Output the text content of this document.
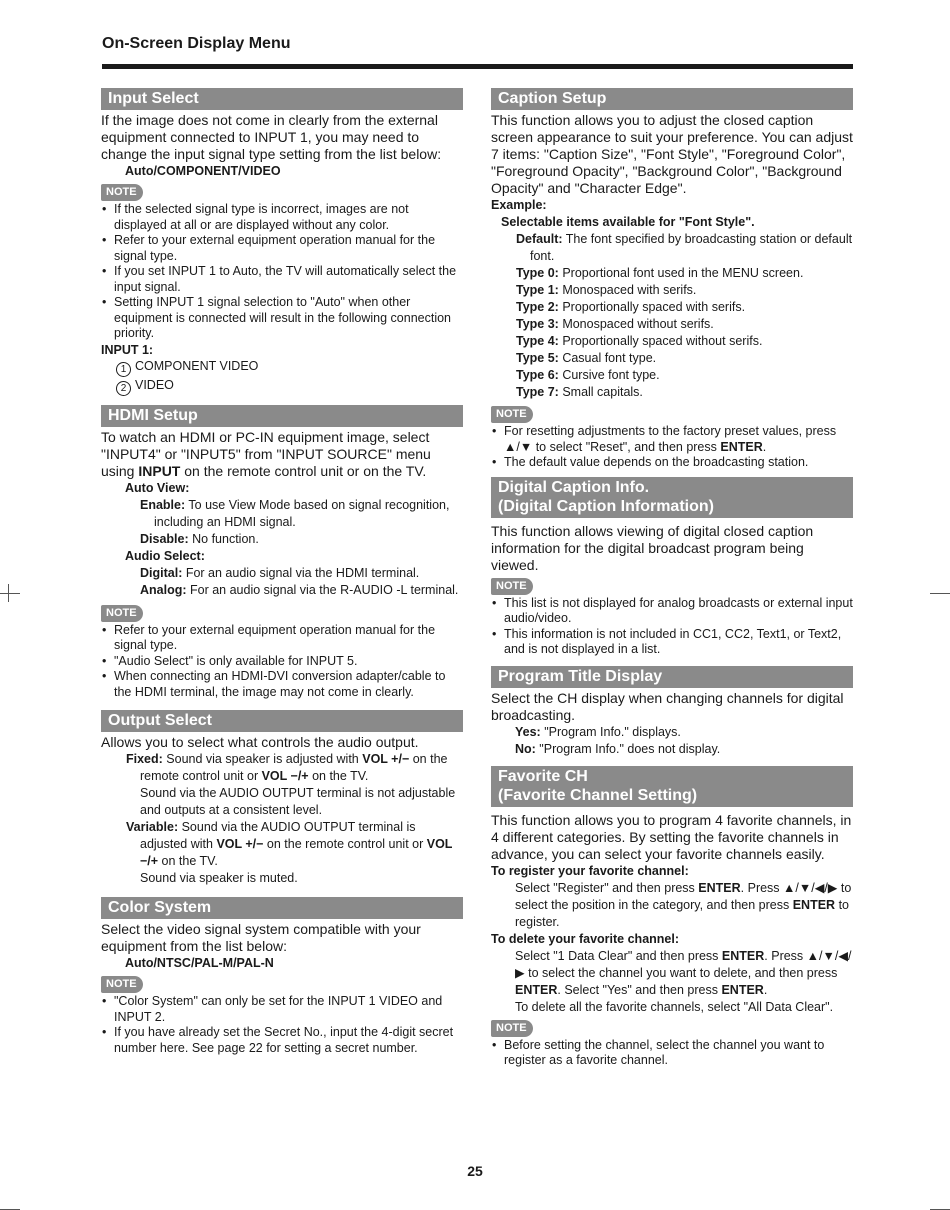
On-Screen Display Menu
Input Select
If the image does not come in clearly from the external equipment connected to INPUT 1, you may need to change the input signal type setting from the list below:
Auto/COMPONENT/VIDEO
NOTE
• If the selected signal type is incorrect, images are not displayed at all or are displayed without any color.
• Refer to your external equipment operation manual for the signal type.
• If you set INPUT 1 to Auto, the TV will automatically select the input signal.
• Setting INPUT 1 signal selection to "Auto" when other equipment is connected will result in the following connection priority.
INPUT 1:
1 COMPONENT VIDEO
2 VIDEO
HDMI Setup
To watch an HDMI or PC-IN equipment image, select "INPUT4" or "INPUT5" from "INPUT SOURCE" menu using INPUT on the remote control unit or on the TV.
Auto View:
Enable: To use View Mode based on signal recognition, including an HDMI signal.
Disable: No function.
Audio Select:
Digital: For an audio signal via the HDMI terminal.
Analog: For an audio signal via the R-AUDIO -L terminal.
NOTE
• Refer to your external equipment operation manual for the signal type.
• "Audio Select" is only available for INPUT 5.
• When connecting an HDMI-DVI conversion adapter/cable to the HDMI terminal, the image may not come in clearly.
Output Select
Allows you to select what controls the audio output.
Fixed: Sound via speaker is adjusted with VOL +/− on the remote control unit or VOL −/+ on the TV.
Sound via the AUDIO OUTPUT terminal is not adjustable and outputs at a consistent level.
Variable: Sound via the AUDIO OUTPUT terminal is adjusted with VOL +/− on the remote control unit or VOL −/+ on the TV.
Sound via speaker is muted.
Color System
Select the video signal system compatible with your equipment from the list below:
Auto/NTSC/PAL-M/PAL-N
NOTE
• "Color System" can only be set for the INPUT 1 VIDEO and INPUT 2.
• If you have already set the Secret No., input the 4-digit secret number here. See page 22 for setting a secret number.
Caption Setup
This function allows you to adjust the closed caption screen appearance to suit your preference. You can adjust 7 items: "Caption Size", "Font Style", "Foreground Color", "Foreground Opacity", "Background Color", "Background Opacity" and "Character Edge".
Example:
Selectable items available for "Font Style".
Default: The font specified by broadcasting station or default font.
Type 0: Proportional font used in the MENU screen.
Type 1: Monospaced with serifs.
Type 2: Proportionally spaced with serifs.
Type 3: Monospaced without serifs.
Type 4: Proportionally spaced without serifs.
Type 5: Casual font type.
Type 6: Cursive font type.
Type 7: Small capitals.
NOTE
• For resetting adjustments to the factory preset values, press ▲/▼ to select "Reset", and then press ENTER.
• The default value depends on the broadcasting station.
Digital Caption Info.
(Digital Caption Information)
This function allows viewing of digital closed caption information for the digital broadcast program being viewed.
NOTE
• This list is not displayed for analog broadcasts or external input audio/video.
• This information is not included in CC1, CC2, Text1, or Text2, and is not displayed in a list.
Program Title Display
Select the CH display when changing channels for digital broadcasting.
Yes: "Program Info." displays.
No: "Program Info." does not display.
Favorite CH
(Favorite Channel Setting)
This function allows you to program 4 favorite channels, in 4 different categories. By setting the favorite channels in advance, you can select your favorite channels easily.
To register your favorite channel:
Select "Register" and then press ENTER. Press ▲/▼/◀/▶ to select the position in the category, and then press ENTER to register.
To delete your favorite channel:
Select "1 Data Clear" and then press ENTER. Press ▲/▼/◀/▶ to select the channel you want to delete, and then press ENTER. Select "Yes" and then press ENTER.
To delete all the favorite channels, select "All Data Clear".
NOTE
• Before setting the channel, select the channel you want to register as a favorite channel.
25
